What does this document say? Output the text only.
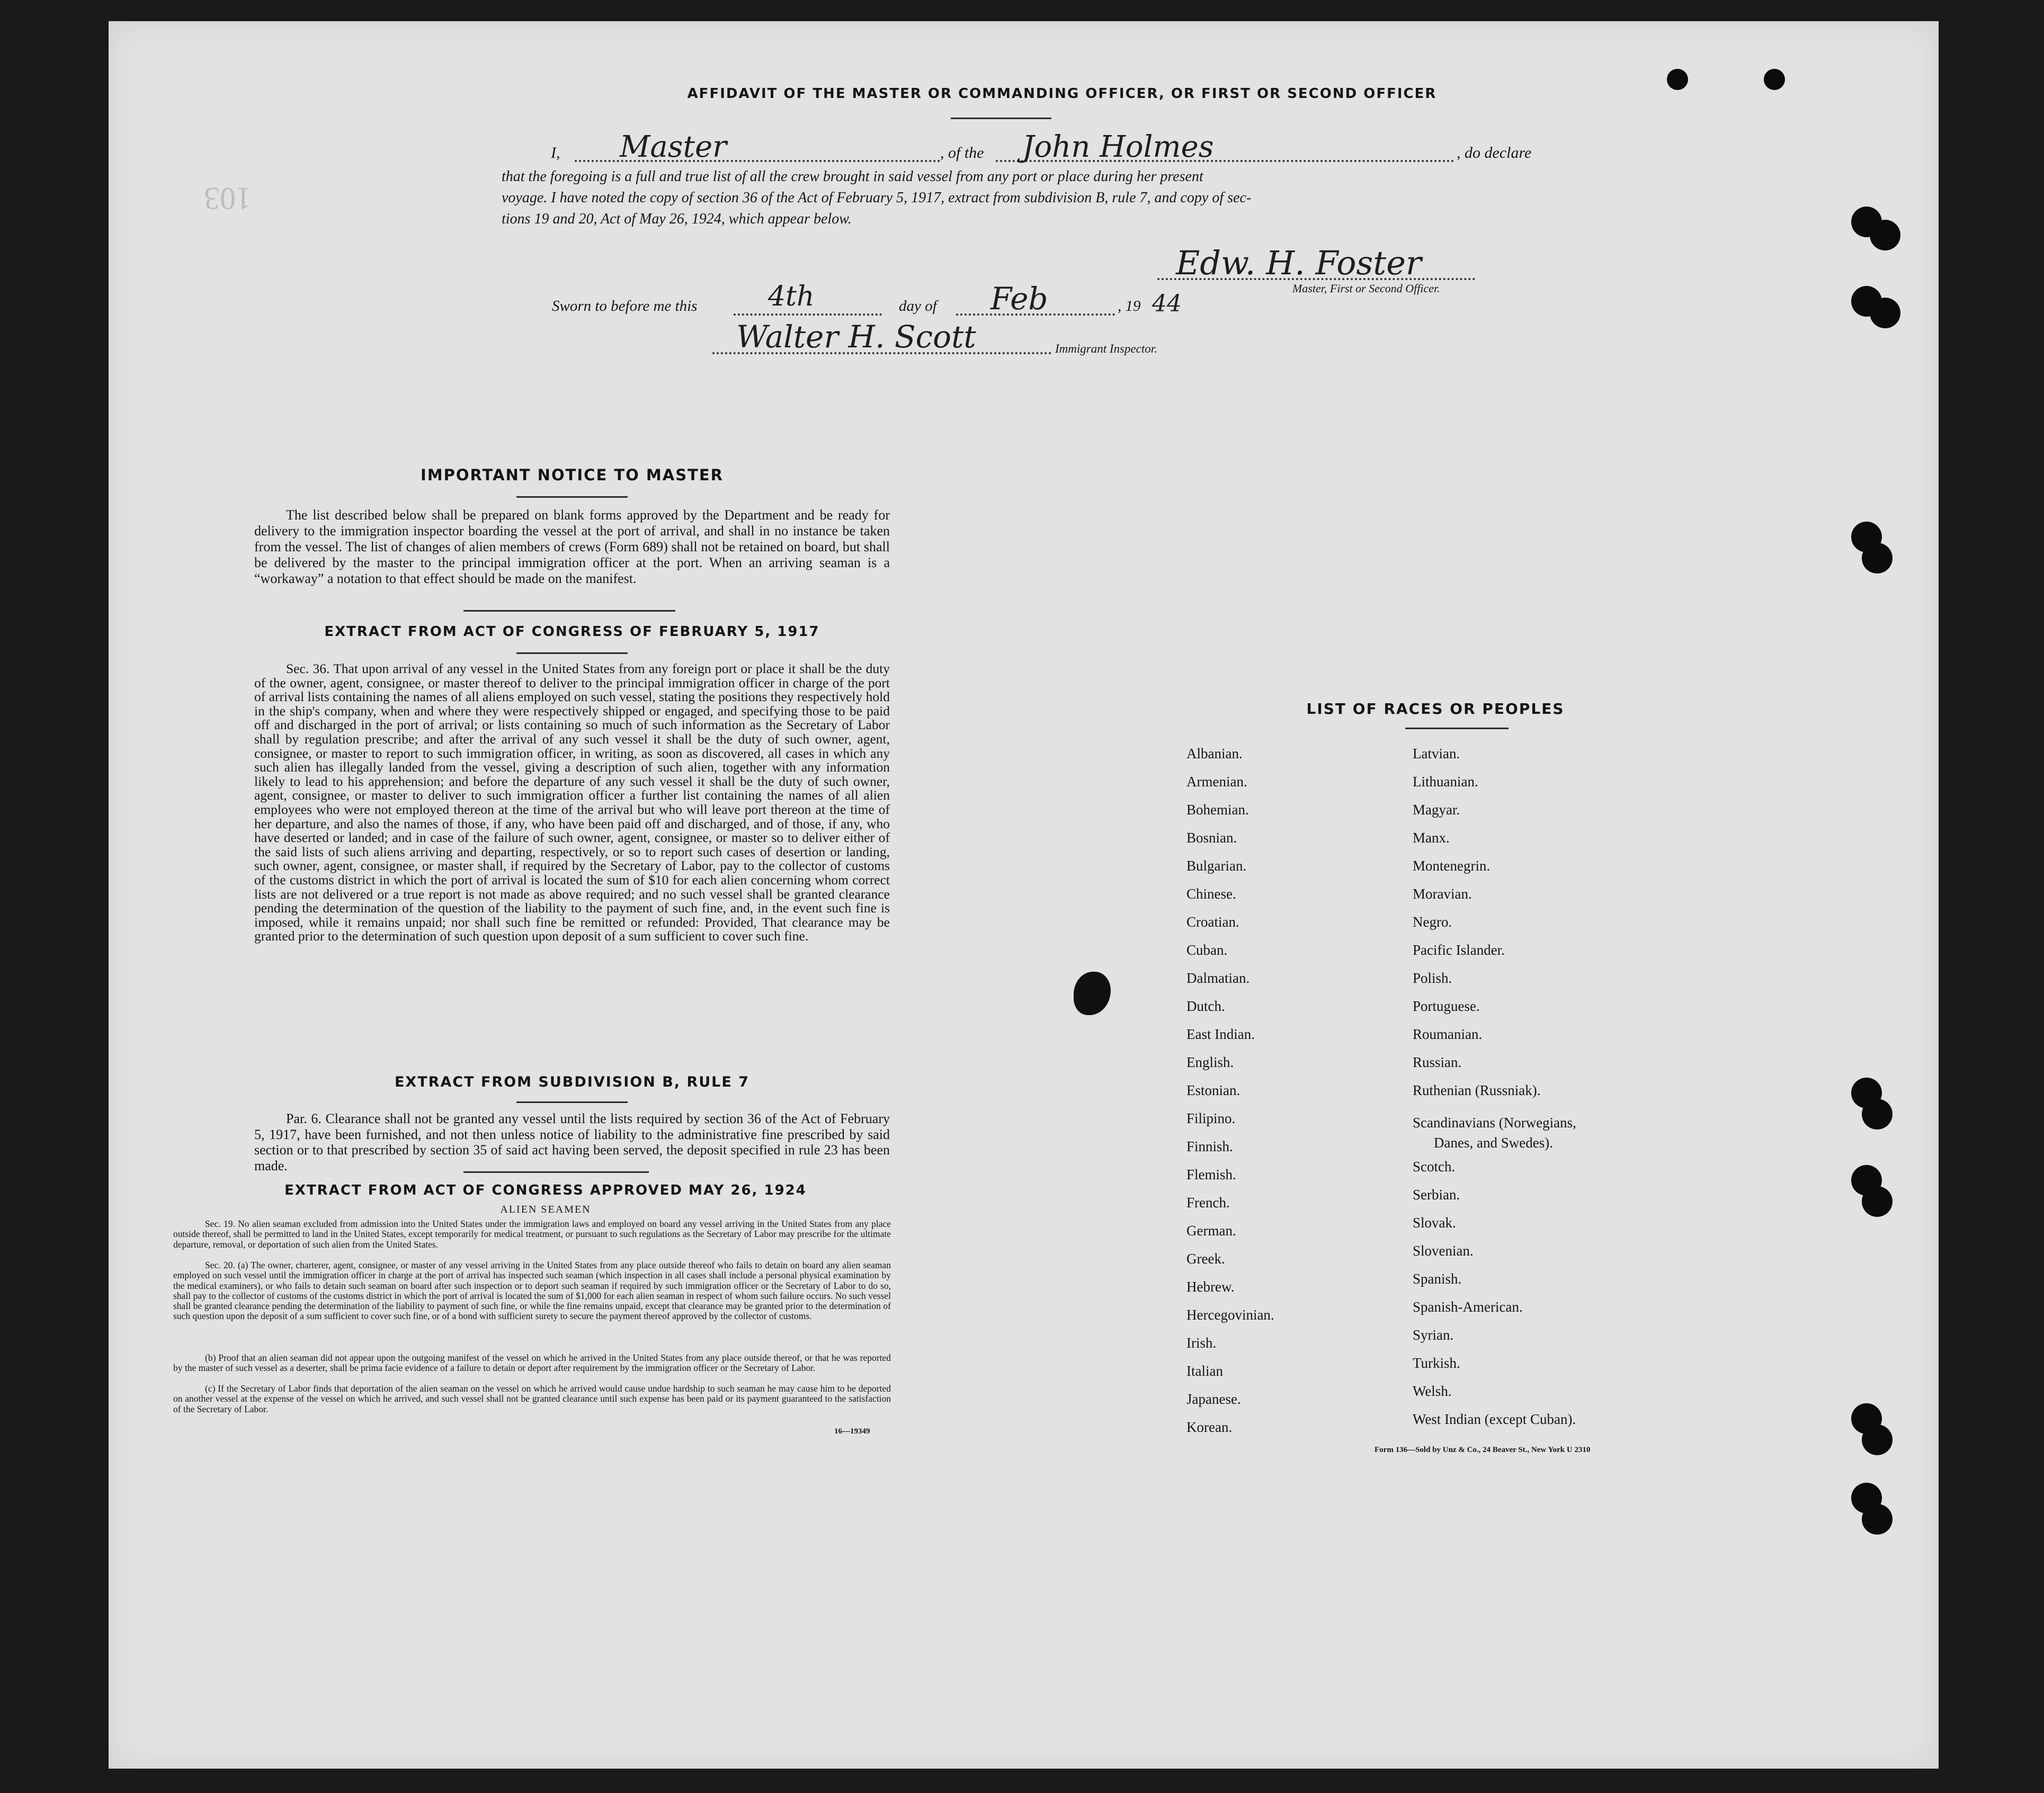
103
AFFIDAVIT OF THE MASTER OR COMMANDING OFFICER, OR FIRST OR SECOND OFFICER
I, Master	, of the John Holmes	, do declare
that the foregoing is a full and true list of all the crew brought in said vessel from any port or place during her present
voyage. I have noted the copy of section 36 of the Act of February 5, 1917, extract from subdivision B, rule 7, and copy of sec-
tions 19 and 20, Act of May 26, 1924, which appear below.
Edw. H. Foster
Master, First or Second Officer.
Sworn to before me this	4th	day of Feb	, 19 44
Walter H. Scott	Immigrant Inspector.
IMPORTANT NOTICE TO MASTER
The list described below shall be prepared on blank forms approved by the Department and be ready for delivery to the immigration inspector boarding the vessel at the port of arrival, and shall in no instance be taken from the vessel. The list of changes of alien members of crews (Form 689) shall not be retained on board, but shall be delivered by the master to the principal immigration officer at the port. When an arriving seaman is a “workaway” a notation to that effect should be made on the manifest.
EXTRACT FROM ACT OF CONGRESS OF FEBRUARY 5, 1917
Sec. 36. That upon arrival of any vessel in the United States from any foreign port or place it shall be the duty of the owner, agent, consignee, or master thereof to deliver to the principal immigration officer in charge of the port of arrival lists containing the names of all aliens employed on such vessel, stating the positions they respectively hold in the ship's company, when and where they were respectively shipped or engaged, and specifying those to be paid off and discharged in the port of arrival; or lists containing so much of such information as the Secretary of Labor shall by regulation prescribe; and after the arrival of any such vessel it shall be the duty of such owner, agent, consignee, or master to report to such immigration officer, in writing, as soon as discovered, all cases in which any such alien has illegally landed from the vessel, giving a description of such alien, together with any information likely to lead to his apprehension; and before the departure of any such vessel it shall be the duty of such owner, agent, consignee, or master to deliver to such immigration officer a further list containing the names of all alien employees who were not employed thereon at the time of the arrival but who will leave port thereon at the time of her departure, and also the names of those, if any, who have been paid off and discharged, and of those, if any, who have deserted or landed; and in case of the failure of such owner, agent, consignee, or master so to deliver either of the said lists of such aliens arriving and departing, respectively, or so to report such cases of desertion or landing, such owner, agent, consignee, or master shall, if required by the Secretary of Labor, pay to the collector of customs of the customs district in which the port of arrival is located the sum of $10 for each alien concerning whom correct lists are not delivered or a true report is not made as above required; and no such vessel shall be granted clearance pending the determination of the question of the liability to the payment of such fine, and, in the event such fine is imposed, while it remains unpaid; nor shall such fine be remitted or refunded: Provided, That clearance may be granted prior to the determination of such question upon deposit of a sum sufficient to cover such fine.
EXTRACT FROM SUBDIVISION B, RULE 7
Par. 6. Clearance shall not be granted any vessel until the lists required by section 36 of the Act of February 5, 1917, have been furnished, and not then unless notice of liability to the administrative fine prescribed by said section or to that prescribed by section 35 of said act having been served, the deposit specified in rule 23 has been made.
EXTRACT FROM ACT OF CONGRESS APPROVED MAY 26, 1924
ALIEN SEAMEN
Sec. 19. No alien seaman excluded from admission into the United States under the immigration laws and employed on board any vessel arriving in the United States from any place outside thereof, shall be permitted to land in the United States, except temporarily for medical treatment, or pursuant to such regulations as the Secretary of Labor may prescribe for the ultimate departure, removal, or deportation of such alien from the United States.
Sec. 20. (a) The owner, charterer, agent, consignee, or master of any vessel arriving in the United States from any place outside thereof who fails to detain on board any alien seaman employed on such vessel until the immigration officer in charge at the port of arrival has inspected such seaman (which inspection in all cases shall include a personal physical examination by the medical examiners), or who fails to detain such seaman on board after such inspection or to deport such seaman if required by such immigration officer or the Secretary of Labor to do so, shall pay to the collector of customs of the customs district in which the port of arrival is located the sum of $1,000 for each alien seaman in respect of whom such failure occurs. No such vessel shall be granted clearance pending the determination of the liability to payment of such fine, or while the fine remains unpaid, except that clearance may be granted prior to the determination of such question upon the deposit of a sum sufficient to cover such fine, or of a bond with sufficient surety to secure the payment thereof approved by the collector of customs.
(b) Proof that an alien seaman did not appear upon the outgoing manifest of the vessel on which he arrived in the United States from any place outside thereof, or that he was reported by the master of such vessel as a deserter, shall be prima facie evidence of a failure to detain or deport after requirement by the immigration officer or the Secretary of Labor.
(c) If the Secretary of Labor finds that deportation of the alien seaman on the vessel on which he arrived would cause undue hardship to such seaman he may cause him to be deported on another vessel at the expense of the vessel on which he arrived, and such vessel shall not be granted clearance until such expense has been paid or its payment guaranteed to the satisfaction of the Secretary of Labor.
16—19349
LIST OF RACES OR PEOPLES
Albanian.
Armenian.
Bohemian.
Bosnian.
Bulgarian.
Chinese.
Croatian.
Cuban.
Dalmatian.
Dutch.
East Indian.
English.
Estonian.
Filipino.
Finnish.
Flemish.
French.
German.
Greek.
Hebrew.
Hercegovinian.
Irish.
Italian
Japanese.
Korean.
Latvian.
Lithuanian.
Magyar.
Manx.
Montenegrin.
Moravian.
Negro.
Pacific Islander.
Polish.
Portuguese.
Roumanian.
Russian.
Ruthenian (Russniak).
Scandinavians (Norwegians,
Danes, and Swedes).
Scotch.
Serbian.
Slovak.
Slovenian.
Spanish.
Spanish-American.
Syrian.
Turkish.
Welsh.
West Indian (except Cuban).
Form 136—Sold by Unz & Co., 24 Beaver St., New York U 2310
